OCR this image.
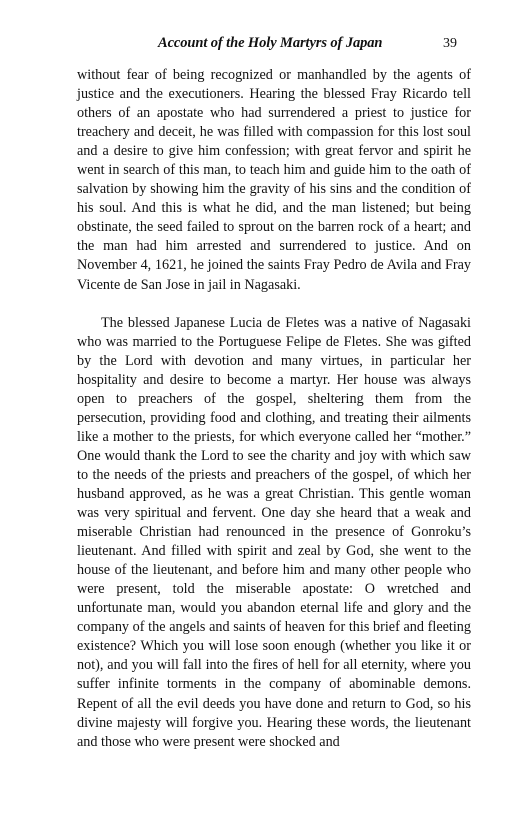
Account of the Holy Martyrs of Japan	39

without fear of being recognized or manhandled by the agents of justice and the executioners. Hearing the blessed Fray Ricardo tell others of an apostate who had surrendered a priest to justice for treachery and deceit, he was filled with compassion for this lost soul and a desire to give him confession; with great fervor and spirit he went in search of this man, to teach him and guide him to the oath of salvation by showing him the gravity of his sins and the condition of his soul. And this is what he did, and the man listened; but being obstinate, the seed failed to sprout on the barren rock of a heart; and the man had him arrested and surrendered to justice. And on November 4, 1621, he joined the saints Fray Pedro de Avila and Fray Vicente de San Jose in jail in Nagasaki.

The blessed Japanese Lucia de Fletes was a native of Nagasaki who was married to the Portuguese Felipe de Fletes. She was gifted by the Lord with devotion and many virtues, in particular her hospitality and desire to become a martyr. Her house was always open to preachers of the gospel, sheltering them from the persecution, providing food and clothing, and treating their ailments like a mother to the priests, for which everyone called her “mother.” One would thank the Lord to see the charity and joy with which saw to the needs of the priests and preachers of the gospel, of which her husband approved, as he was a great Christian. This gentle woman was very spiritual and fervent. One day she heard that a weak and miserable Christian had renounced in the presence of Gonroku’s lieutenant. And filled with spirit and zeal by God, she went to the house of the lieutenant, and before him and many other people who were present, told the miserable apostate: O wretched and unfortunate man, would you abandon eternal life and glory and the company of the angels and saints of heaven for this brief and fleeting existence? Which you will lose soon enough (whether you like it or not), and you will fall into the fires of hell for all eternity, where you suffer infinite torments in the company of abominable demons. Repent of all the evil deeds you have done and return to God, so his divine majesty will forgive you. Hearing these words, the lieutenant and those who were present were shocked and
